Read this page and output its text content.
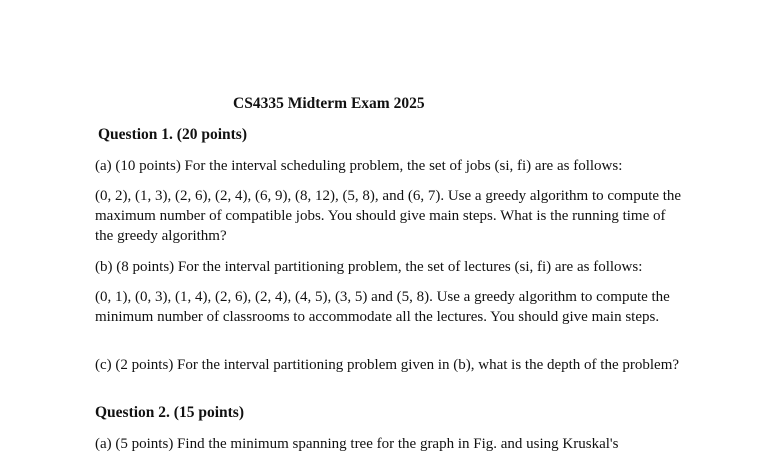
CS4335 Midterm Exam 2025

Question 1. (20 points)

(a) (10 points) For the interval scheduling problem, the set of jobs (si, fi) are as follows:

(0, 2), (1, 3), (2, 6), (2, 4), (6, 9), (8, 12), (5, 8), and (6, 7). Use a greedy algorithm to compute the maximum number of compatible jobs. You should give main steps. What is the running time of the greedy algorithm?

(b) (8 points) For the interval partitioning problem, the set of lectures (si, fi) are as follows:

(0, 1), (0, 3), (1, 4), (2, 6), (2, 4), (4, 5), (3, 5) and (5, 8). Use a greedy algorithm to compute the minimum number of classrooms to accommodate all the lectures. You should give main steps.

(c) (2 points) For the interval partitioning problem given in (b), what is the depth of the problem?

Question 2. (15 points)

(a) (5 points) Find the minimum spanning tree for the graph in Fig. and using Kruskal's
